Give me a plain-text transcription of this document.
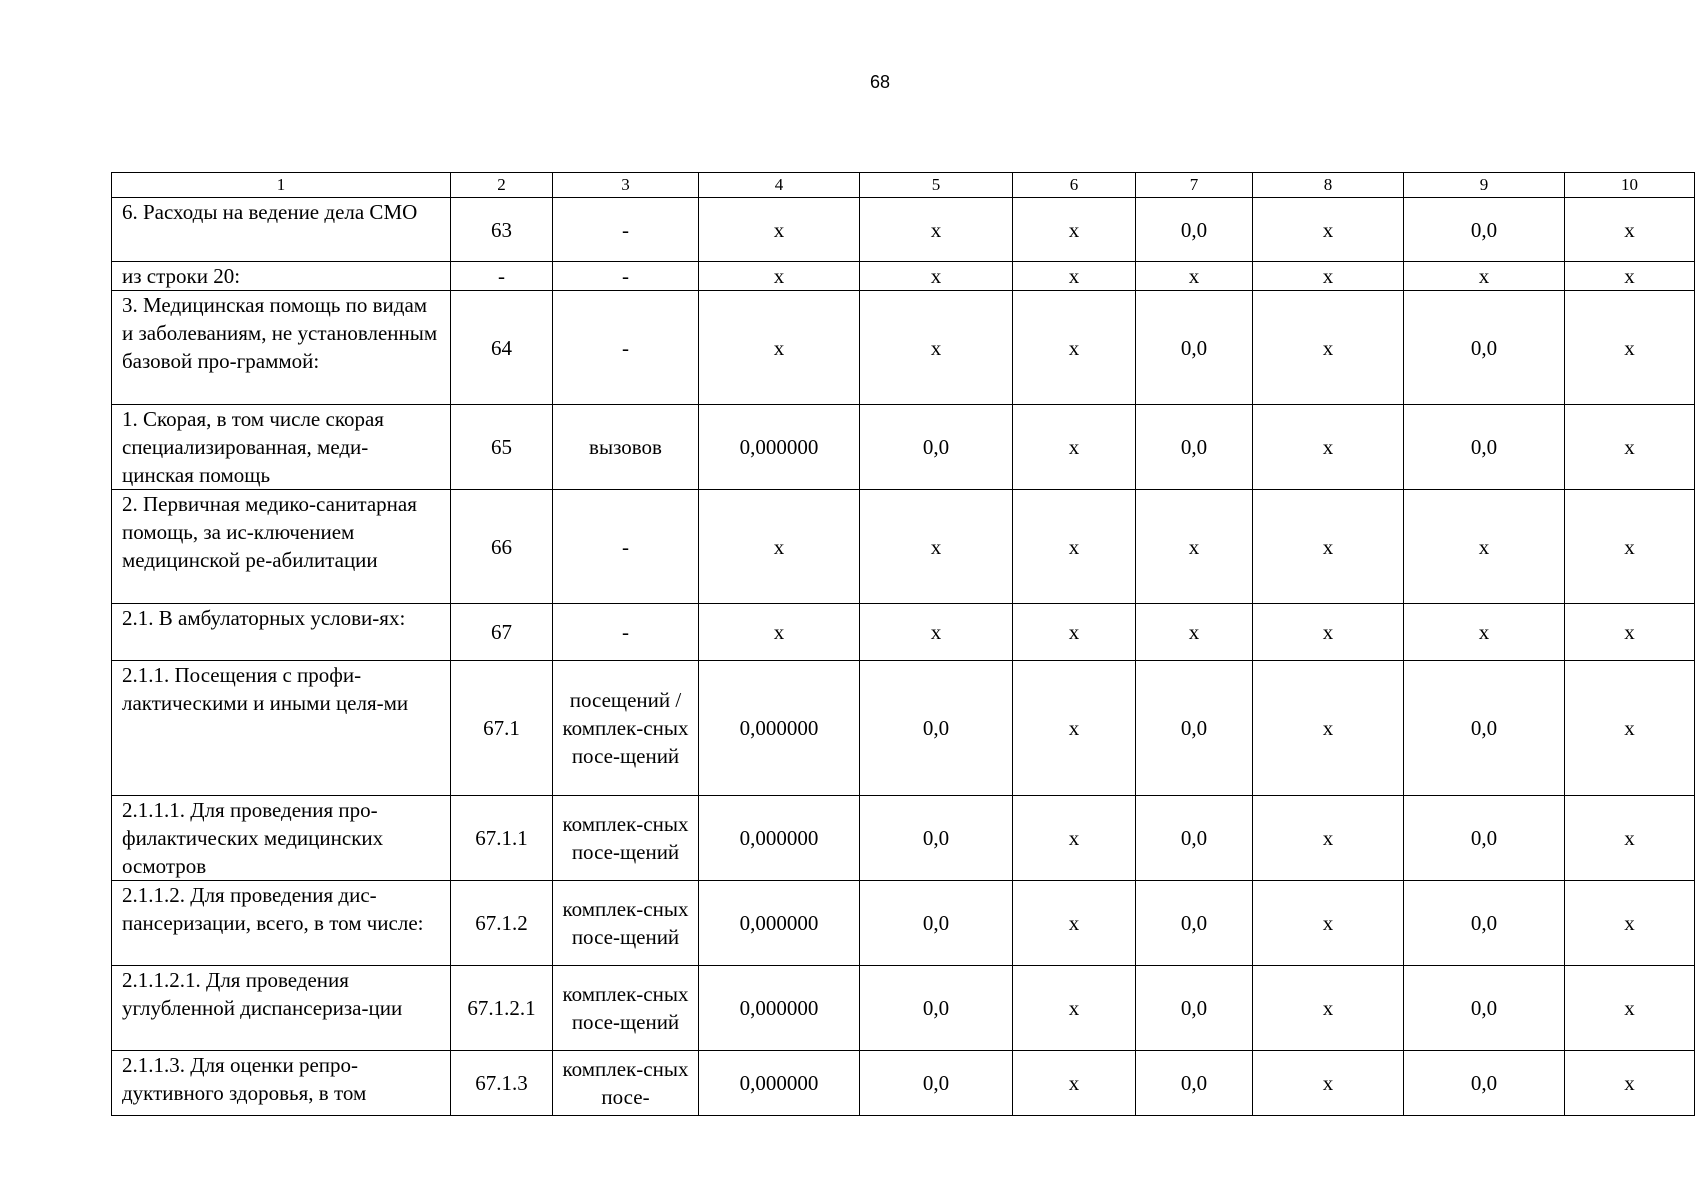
68
1	2	3	4	5	6	7	8	9	10
6. Расходы на ведение дела СМО	63	-	х	х	х	0,0	х	0,0	х
из строки 20:	-	-	х	х	х	х	х	х	х
3. Медицинская помощь по видам и заболеваниям, не установленным базовой про-граммой:	64	-	х	х	х	0,0	х	0,0	х
1. Скорая, в том числе скорая специализированная, меди-цинская помощь	65	вызовов	0,000000	0,0	х	0,0	х	0,0	х
2. Первичная медико-санитарная помощь, за ис-ключением медицинской ре-абилитации	66	-	х	х	х	х	х	х	х
2.1. В амбулаторных услови-ях:	67	-	х	х	х	х	х	х	х
2.1.1. Посещения с профи-лактическими и иными целя-ми	67.1	посещений / комплек-сных посе-щений	0,000000	0,0	х	0,0	х	0,0	х
2.1.1.1. Для проведения про-филактических медицинских осмотров	67.1.1	комплек-сных посе-щений	0,000000	0,0	х	0,0	х	0,0	х
2.1.1.2. Для проведения дис-пансеризации, всего, в том числе:	67.1.2	комплек-сных посе-щений	0,000000	0,0	х	0,0	х	0,0	х
2.1.1.2.1. Для проведения углубленной диспансериза-ции	67.1.2.1	комплек-сных посе-щений	0,000000	0,0	х	0,0	х	0,0	х
2.1.1.3. Для оценки репро-дуктивного здоровья, в том	67.1.3	комплек-сных посе-	0,000000	0,0	х	0,0	х	0,0	х
